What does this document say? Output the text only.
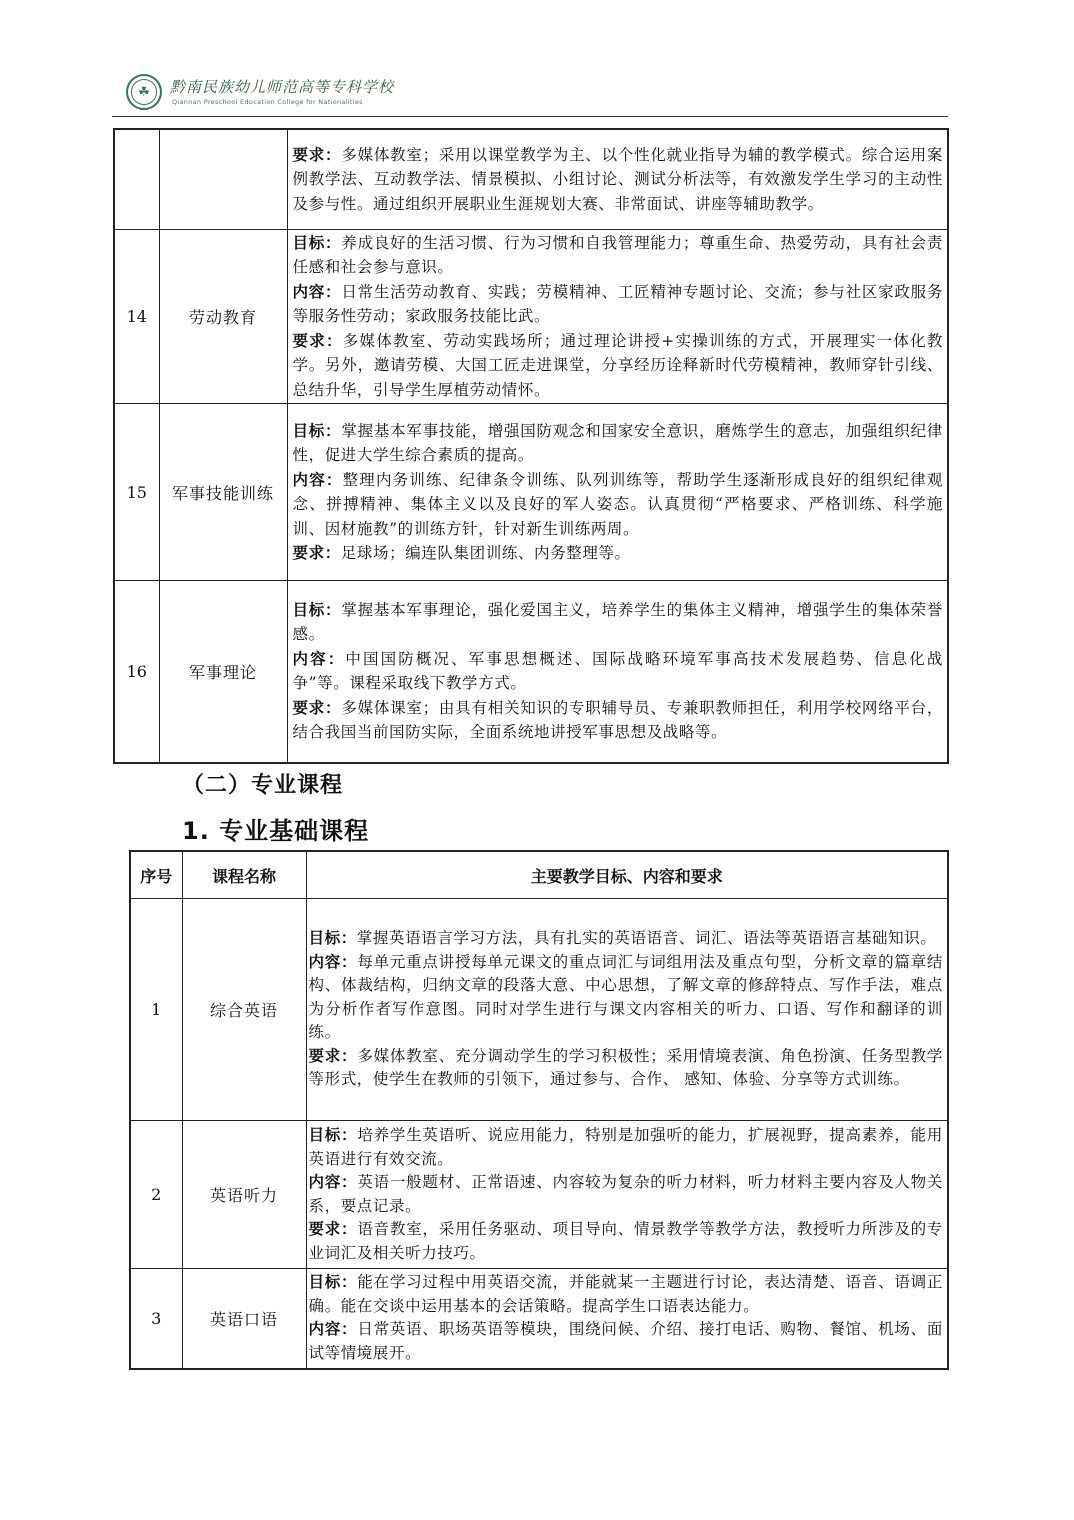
☘	黔南民族幼儿师范高等专科学校
Qiannan Preschool Education College for Nationalities
		要求：多媒体教室；采用以课堂教学为主、以个性化就业指导为辅的教学模式。综合运用案例教学法、互动教学法、情景模拟、小组讨论、测试分析法等，有效激发学生学习的主动性及参与性。通过组织开展职业生涯规划大赛、非常面试、讲座等辅助教学。
14	劳动教育	目标：养成良好的生活习惯、行为习惯和自我管理能力；尊重生命、热爱劳动，具有社会责任感和社会参与意识。
内容：日常生活劳动教育、实践；劳模精神、工匠精神专题讨论、交流；参与社区家政服务等服务性劳动；家政服务技能比武。
要求：多媒体教室、劳动实践场所；通过理论讲授+实操训练的方式，开展理实一体化教学。另外，邀请劳模、大国工匠走进课堂，分享经历诠释新时代劳模精神，教师穿针引线、总结升华，引导学生厚植劳动情怀。
15	军事技能训练	目标：掌握基本军事技能，增强国防观念和国家安全意识，磨炼学生的意志，加强组织纪律性，促进大学生综合素质的提高。
内容：整理内务训练、纪律条令训练、队列训练等，帮助学生逐渐形成良好的组织纪律观念、拼搏精神、集体主义以及良好的军人姿态。认真贯彻“严格要求、严格训练、科学施训、因材施教”的训练方针，针对新生训练两周。
要求：足球场；编连队集团训练、内务整理等。
16	军事理论	目标：掌握基本军事理论，强化爱国主义，培养学生的集体主义精神，增强学生的集体荣誉感。
内容：中国国防概况、军事思想概述、国际战略环境军事高技术发展趋势、信息化战争”等。课程采取线下教学方式。
要求：多媒体课室；由具有相关知识的专职辅导员、专兼职教师担任，利用学校网络平台，结合我国当前国防实际，全面系统地讲授军事思想及战略等。
（二）专业课程
1. 专业基础课程
序号	课程名称	主要教学目标、内容和要求
1	综合英语	目标：掌握英语语言学习方法，具有扎实的英语语音、词汇、语法等英语语言基础知识。
内容：每单元重点讲授每单元课文的重点词汇与词组用法及重点句型，分析文章的篇章结构、体裁结构，归纳文章的段落大意、中心思想，了解文章的修辞特点、写作手法，难点为分析作者写作意图。同时对学生进行与课文内容相关的听力、口语、写作和翻译的训练。
要求：多媒体教室、充分调动学生的学习积极性；采用情境表演、角色扮演、任务型教学等形式，使学生在教师的引领下，通过参与、合作、 感知、体验、分享等方式训练。
2	英语听力	目标：培养学生英语听、说应用能力，特别是加强听的能力，扩展视野，提高素养，能用英语进行有效交流。
内容：英语一般题材、正常语速、内容较为复杂的听力材料，听力材料主要内容及人物关系，要点记录。
要求：语音教室，采用任务驱动、项目导向、情景教学等教学方法，教授听力所涉及的专业词汇及相关听力技巧。
3	英语口语	目标：能在学习过程中用英语交流，并能就某一主题进行讨论，表达清楚、语音、语调正确。能在交谈中运用基本的会话策略。提高学生口语表达能力。
内容：日常英语、职场英语等模块，围绕问候、介绍、接打电话、购物、餐馆、机场、面试等情境展开。
